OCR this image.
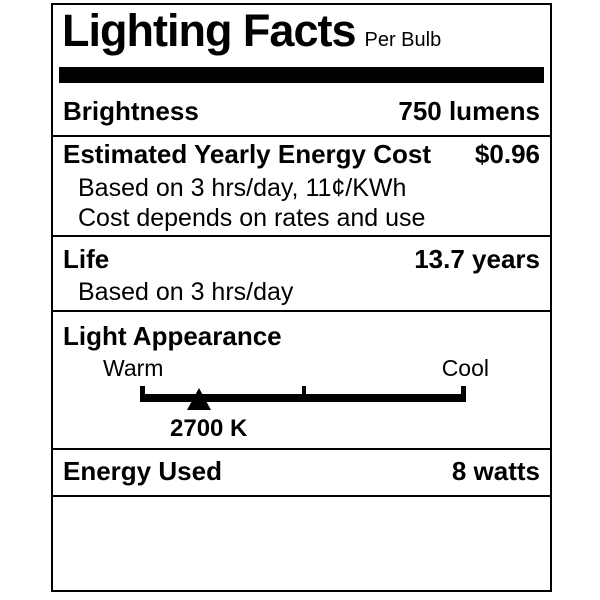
Lighting Facts Per Bulb
Brightness	750 lumens
Estimated Yearly Energy Cost $0.96
Based on 3 hrs/day, 11¢/KWh
Cost depends on rates and use
Life	13.7 years
Based on 3 hrs/day
Light Appearance
Warm	Cool
2700 K
Energy Used	8 watts
